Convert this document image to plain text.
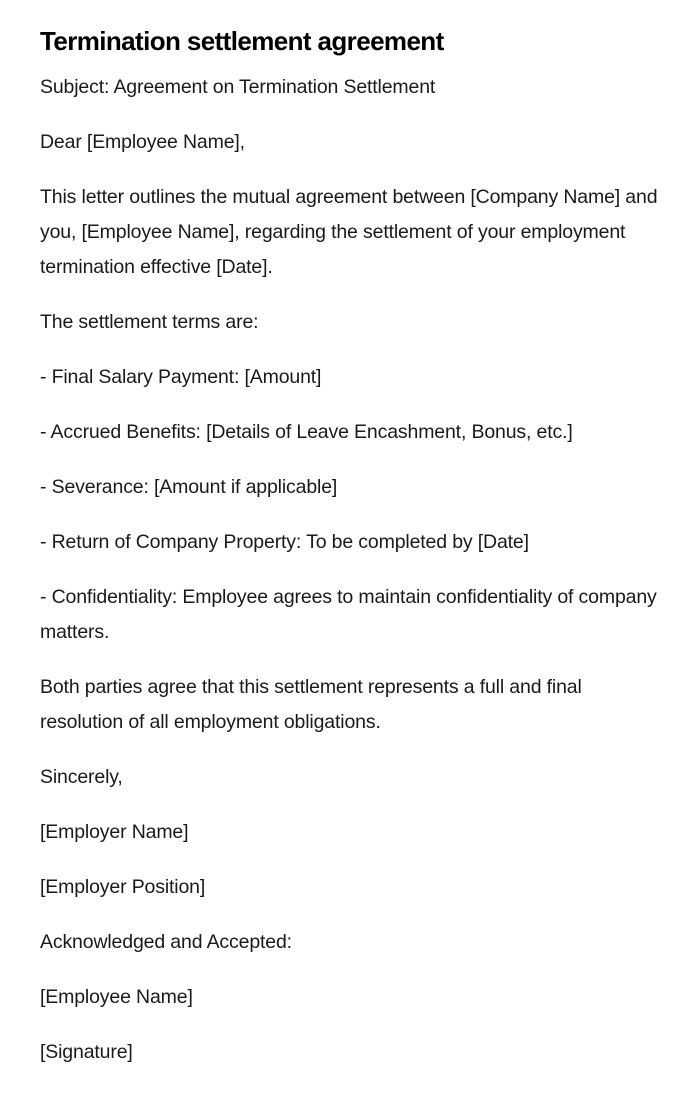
Termination settlement agreement

Subject: Agreement on Termination Settlement

Dear [Employee Name],

This letter outlines the mutual agreement between [Company Name] and you, [Employee Name], regarding the settlement of your employment termination effective [Date].

The settlement terms are:

- Final Salary Payment: [Amount]

- Accrued Benefits: [Details of Leave Encashment, Bonus, etc.]

- Severance: [Amount if applicable]

- Return of Company Property: To be completed by [Date]

- Confidentiality: Employee agrees to maintain confidentiality of company matters.

Both parties agree that this settlement represents a full and final resolution of all employment obligations.

Sincerely,

[Employer Name]

[Employer Position]

Acknowledged and Accepted:

[Employee Name]

[Signature]
